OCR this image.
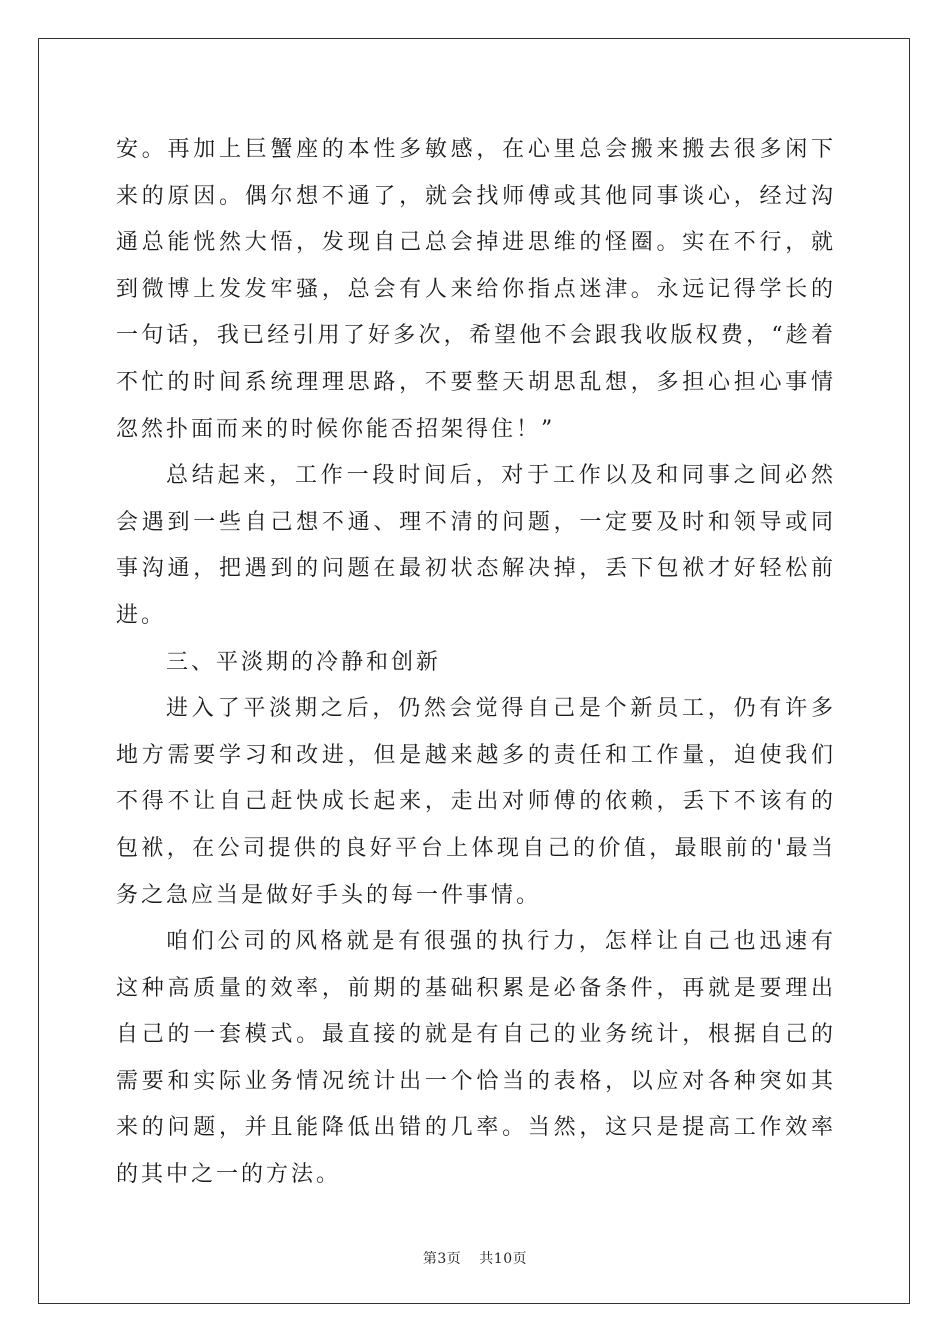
安。再加上巨蟹座的本性多敏感，在心里总会搬来搬去很多闲下来的原因。偶尔想不通了，就会找师傅或其他同事谈心，经过沟通总能恍然大悟，发现自己总会掉进思维的怪圈。实在不行，就到微博上发发牢骚，总会有人来给你指点迷津。永远记得学长的一句话，我已经引用了好多次，希望他不会跟我收版权费，“趁着不忙的时间系统理理思路，不要整天胡思乱想，多担心担心事情忽然扑面而来的时候你能否招架得住！”

总结起来，工作一段时间后，对于工作以及和同事之间必然会遇到一些自己想不通、理不清的问题，一定要及时和领导或同事沟通，把遇到的问题在最初状态解决掉，丢下包袱才好轻松前进。

三、平淡期的冷静和创新

进入了平淡期之后，仍然会觉得自己是个新员工，仍有许多地方需要学习和改进，但是越来越多的责任和工作量，迫使我们不得不让自己赶快成长起来，走出对师傅的依赖，丢下不该有的包袱，在公司提供的良好平台上体现自己的价值，最眼前的'最当务之急应当是做好手头的每一件事情。

咱们公司的风格就是有很强的执行力，怎样让自己也迅速有这种高质量的效率，前期的基础积累是必备条件，再就是要理出自己的一套模式。最直接的就是有自己的业务统计，根据自己的需要和实际业务情况统计出一个恰当的表格，以应对各种突如其来的问题，并且能降低出错的几率。当然，这只是提高工作效率的其中之一的方法。

第3页 共10页
